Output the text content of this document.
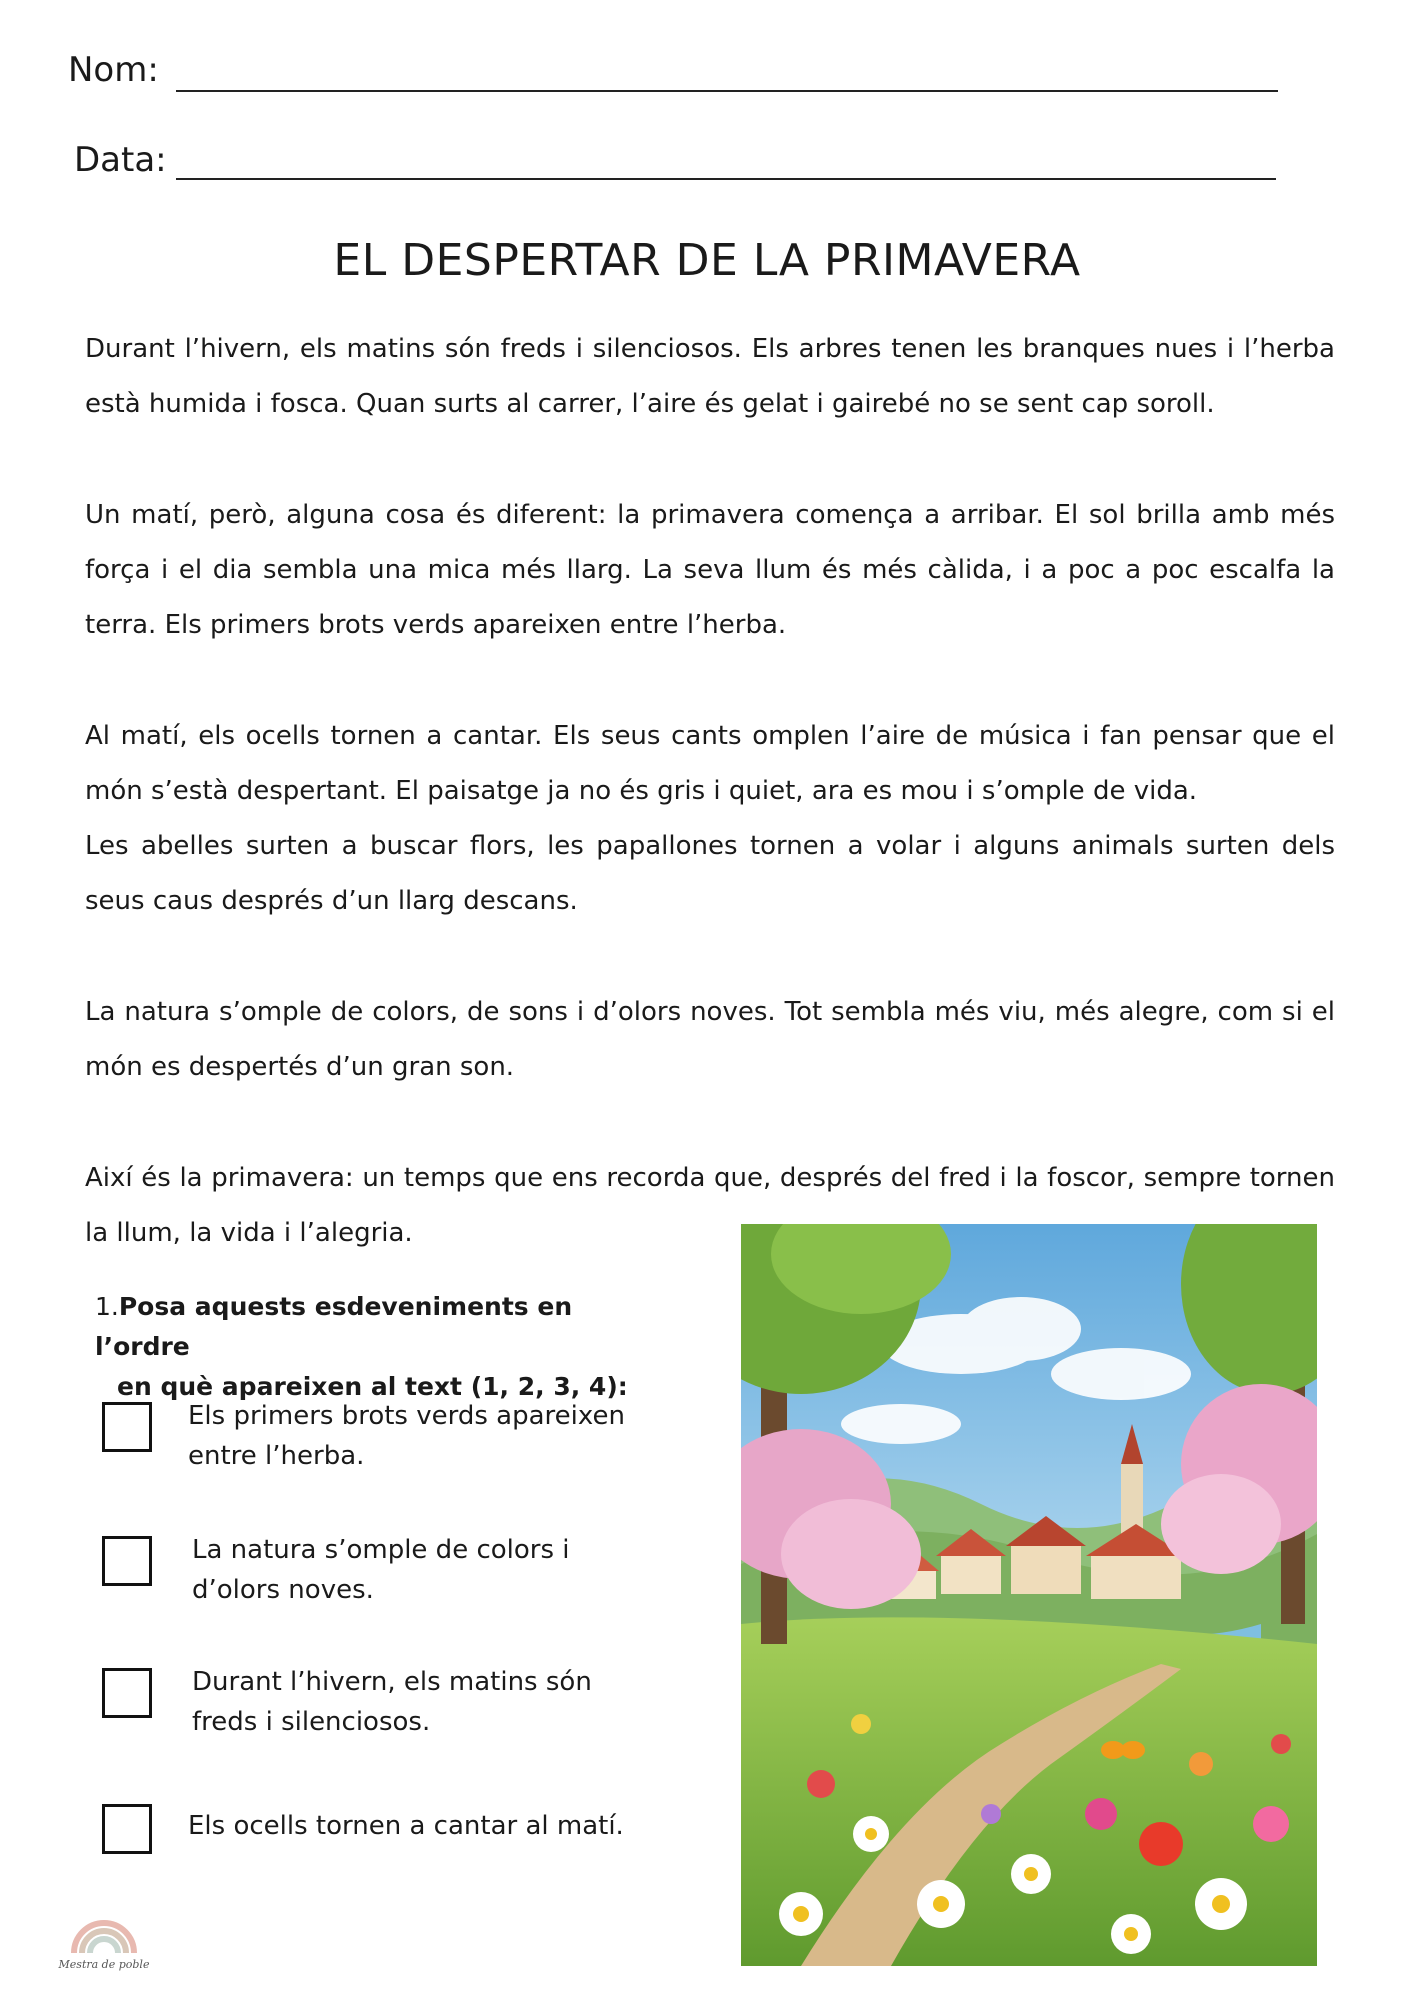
Nom:
Data:
EL DESPERTAR DE LA PRIMAVERA

Durant l’hivern, els matins són freds i silenciosos. Els arbres tenen les branques nues i l’herba està humida i fosca. Quan surts al carrer, l’aire és gelat i gairebé no se sent cap soroll.

Un matí, però, alguna cosa és diferent: la primavera comença a arribar. El sol brilla amb més força i el dia sembla una mica més llarg. La seva llum és més càlida, i a poc a poc escalfa la terra. Els primers brots verds apareixen entre l’herba.

Al matí, els ocells tornen a cantar. Els seus cants omplen l’aire de música i fan pensar que el món s’està despertant. El paisatge ja no és gris i quiet, ara es mou i s’omple de vida.
Les abelles surten a buscar flors, les papallones tornen a volar i alguns animals surten dels seus caus després d’un llarg descans.

La natura s’omple de colors, de sons i d’olors noves. Tot sembla més viu, més alegre, com si el món es despertés d’un gran son.

Així és la primavera: un temps que ens recorda que, després del fred i la foscor, sempre tornen la llum, la vida i l’alegria.

1.Posa aquests esdeveniments en l’ordre
en què apareixen al text (1, 2, 3, 4):
Els primers brots verds apareixen entre l’herba.
La natura s’omple de colors i d’olors noves.
Durant l’hivern, els matins són freds i silenciosos.
Els ocells tornen a cantar al matí.
Mestra de poble
